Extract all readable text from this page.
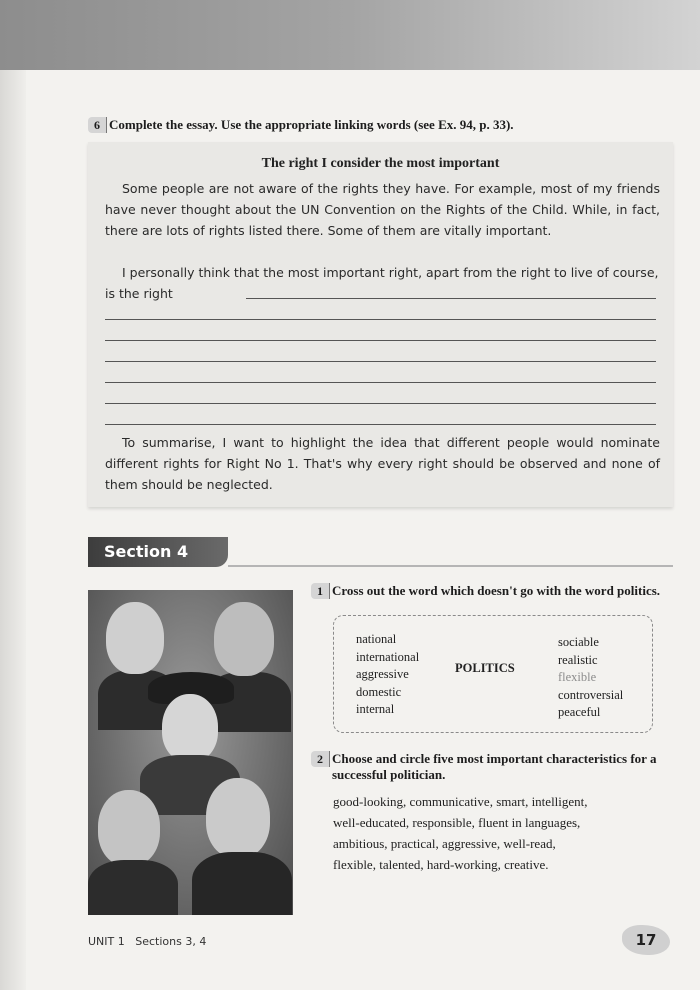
6 Complete the essay. Use the appropriate linking words (see Ex. 94, p. 33).
The right I consider the most important

Some people are not aware of the rights they have. For example, most of my friends have never thought about the UN Convention on the Rights of the Child. While, in fact, there are lots of rights listed there. Some of them are vitally important.

I personally think that the most important right, apart from the right to live of course, is the right

To summarise, I want to highlight the idea that different people would nominate different rights for Right No 1. That's why every right should be observed and none of them should be neglected.

Section 4
1 Cross out the word which doesn't go with the word politics.
national
international
aggressive
domestic
internal
POLITICS
sociable
realistic
flexible
controversial
peaceful
2 Choose and circle five most important characteristics for a successful politician.
good-looking, communicative, smart, intelligent,
well-educated, responsible, fluent in languages,
ambitious, practical, aggressive, well-read,
flexible, talented, hard-working, creative.
UNIT 1 Sections 3, 4	17
